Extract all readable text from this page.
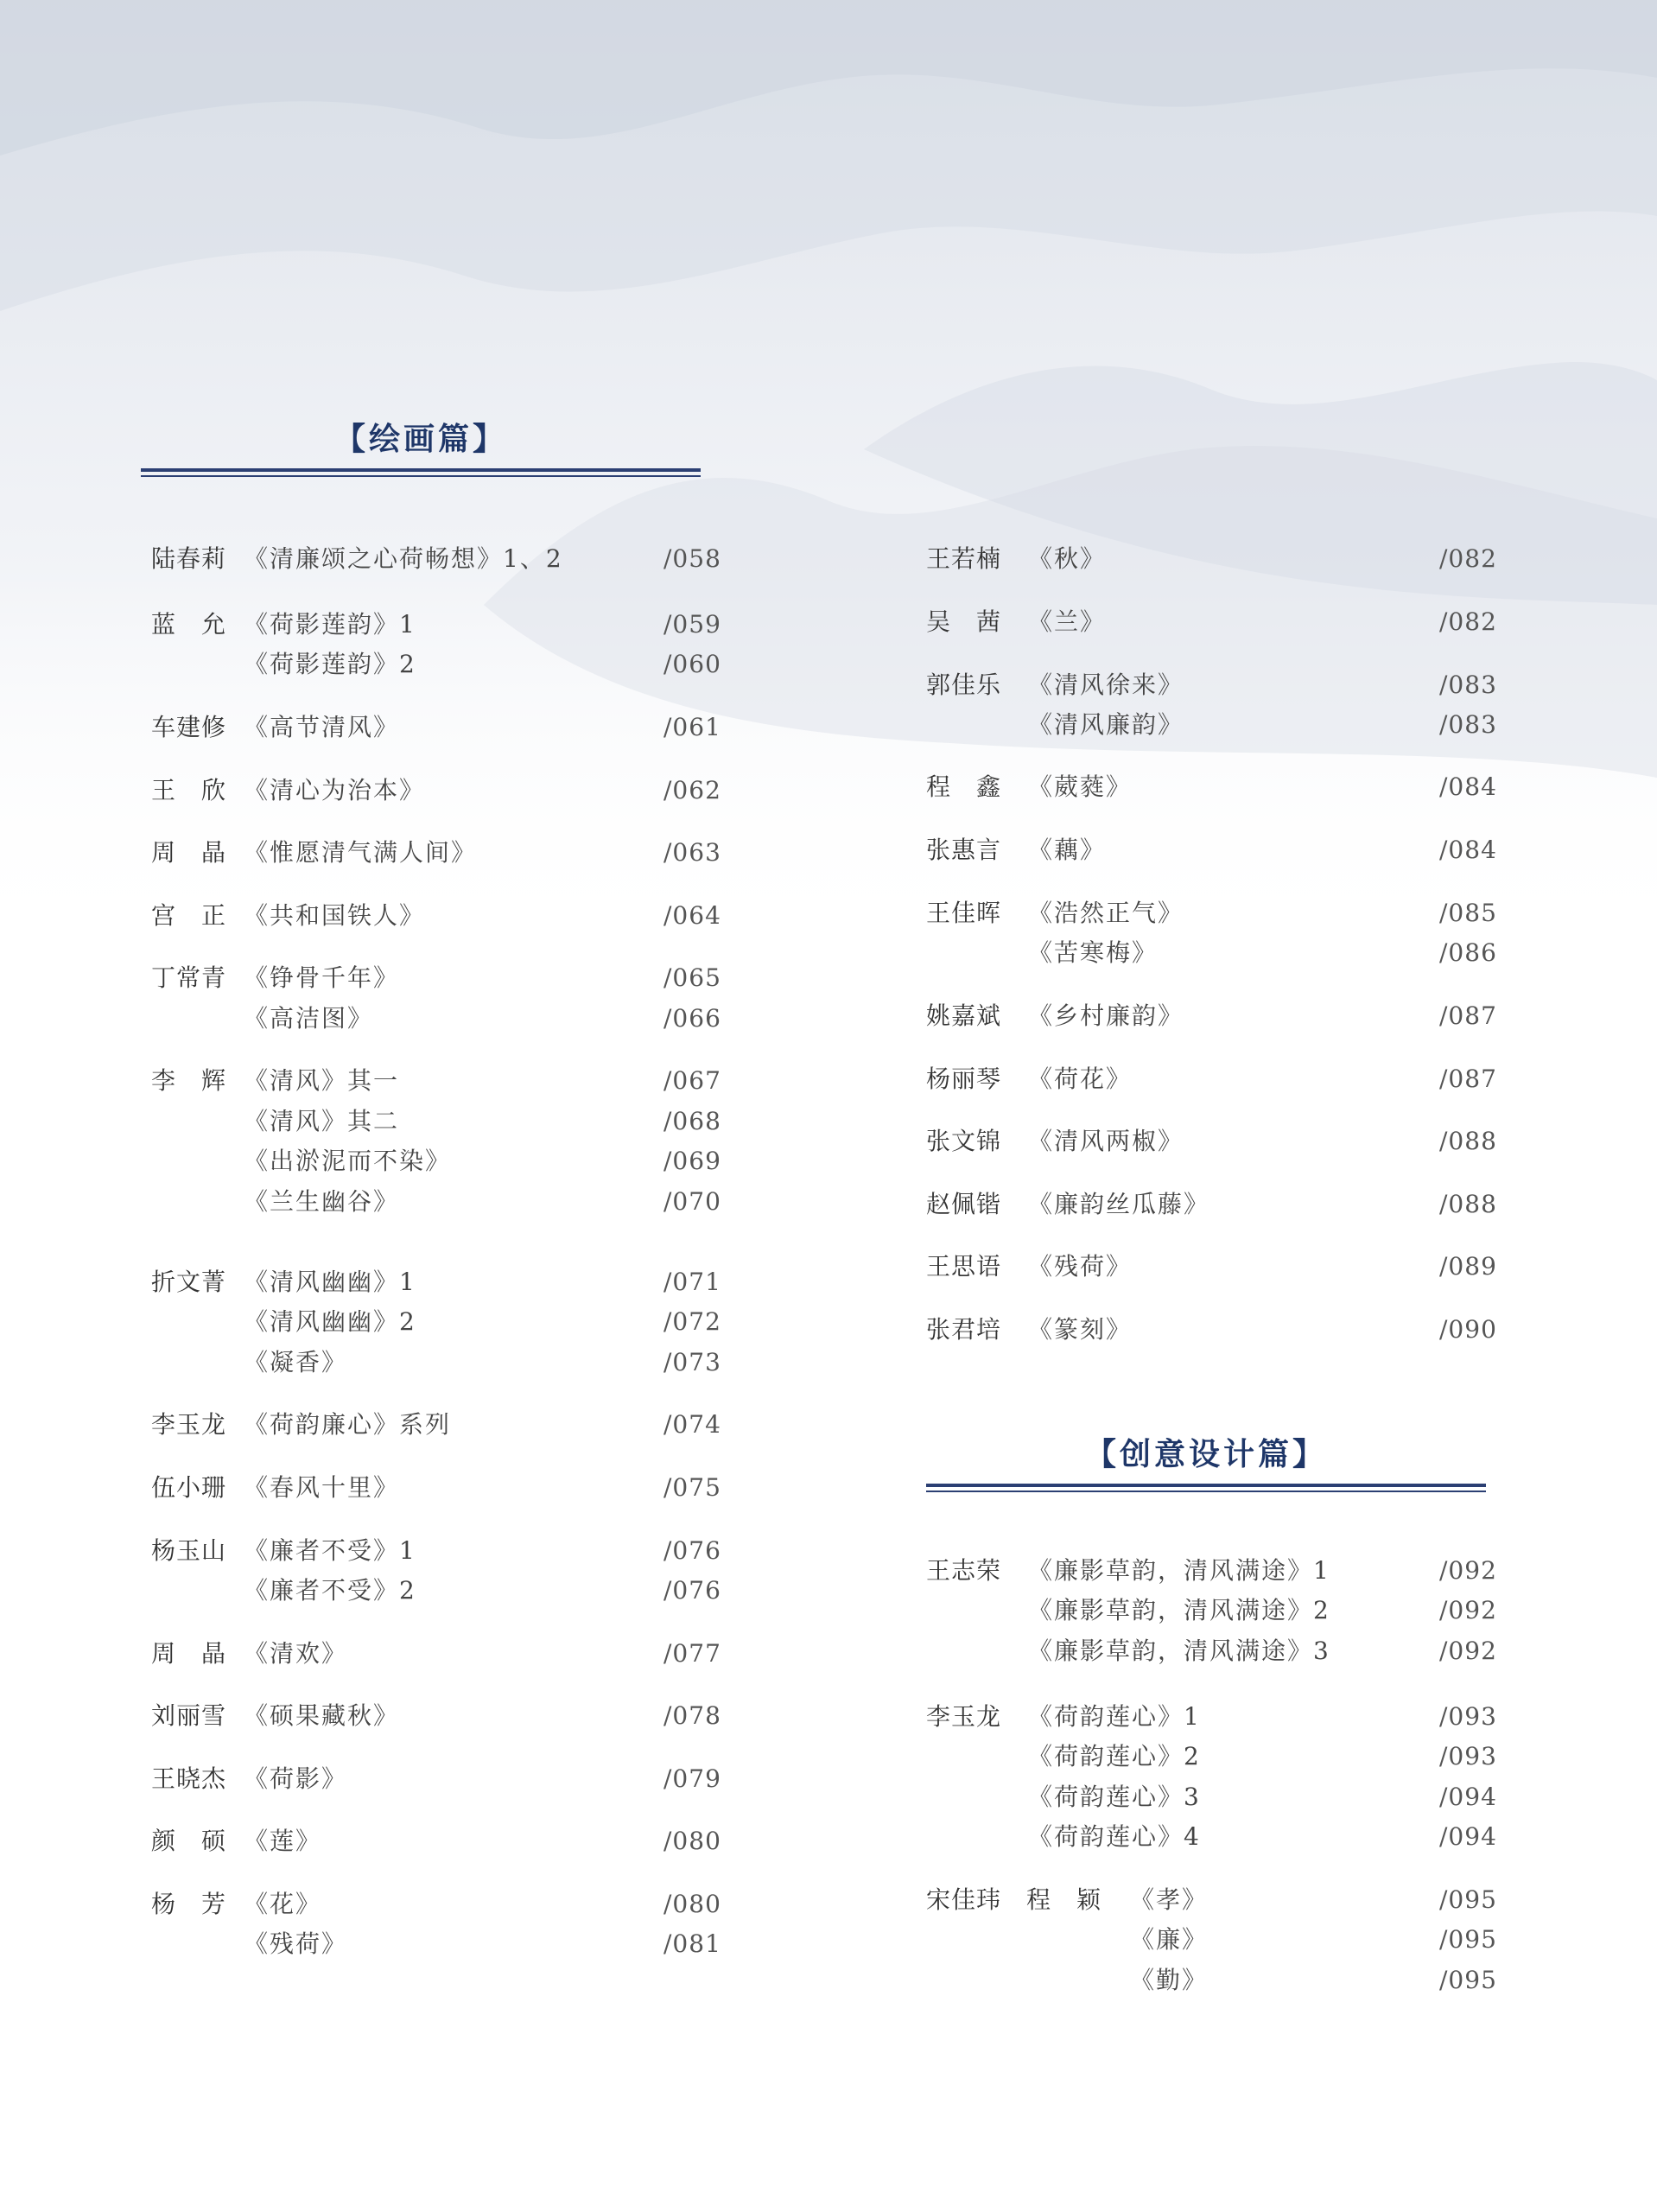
【绘画篇】
【创意设计篇】
陆春莉 《清廉颂之心荷畅想》1、2	/058
蓝　允 《荷影莲韵》1	/059
《荷影莲韵》2	/060
车建修 《高节清风》	/061
王　欣 《清心为治本》	/062
周　晶 《惟愿清气满人间》	/063
宫　正 《共和国铁人》	/064
丁常青 《铮骨千年》	/065
《高洁图》	/066
李　辉 《清风》其一	/067
《清风》其二	/068
《出淤泥而不染》	/069
《兰生幽谷》	/070
折文菁 《清风幽幽》1	/071
《清风幽幽》2	/072
《凝香》	/073
李玉龙 《荷韵廉心》系列	/074
伍小珊 《春风十里》	/075
杨玉山 《廉者不受》1	/076
《廉者不受》2	/076
周　晶 《清欢》	/077
刘丽雪 《硕果藏秋》	/078
王晓杰 《荷影》	/079
颜　硕 《莲》	/080
杨　芳 《花》	/080
《残荷》	/081
王若楠 《秋》	/082
吴　茜 《兰》	/082
郭佳乐 《清风徐来》	/083
《清风廉韵》	/083
程　鑫 《葳蕤》	/084
张惠言 《藕》	/084
王佳晖 《浩然正气》	/085
《苦寒梅》	/086
姚嘉斌 《乡村廉韵》	/087
杨丽琴 《荷花》	/087
张文锦 《清风两椒》	/088
赵佩锴 《廉韵丝瓜藤》	/088
王思语 《残荷》	/089
张君培 《篆刻》	/090
王志荣 《廉影草韵，清风满途》1	/092
《廉影草韵，清风满途》2	/092
《廉影草韵，清风满途》3	/092
李玉龙 《荷韵莲心》1	/093
《荷韵莲心》2	/093
《荷韵莲心》3	/094
《荷韵莲心》4	/094
宋佳玮　程　颖 《孝》	/095
《廉》	/095
《勤》	/095
